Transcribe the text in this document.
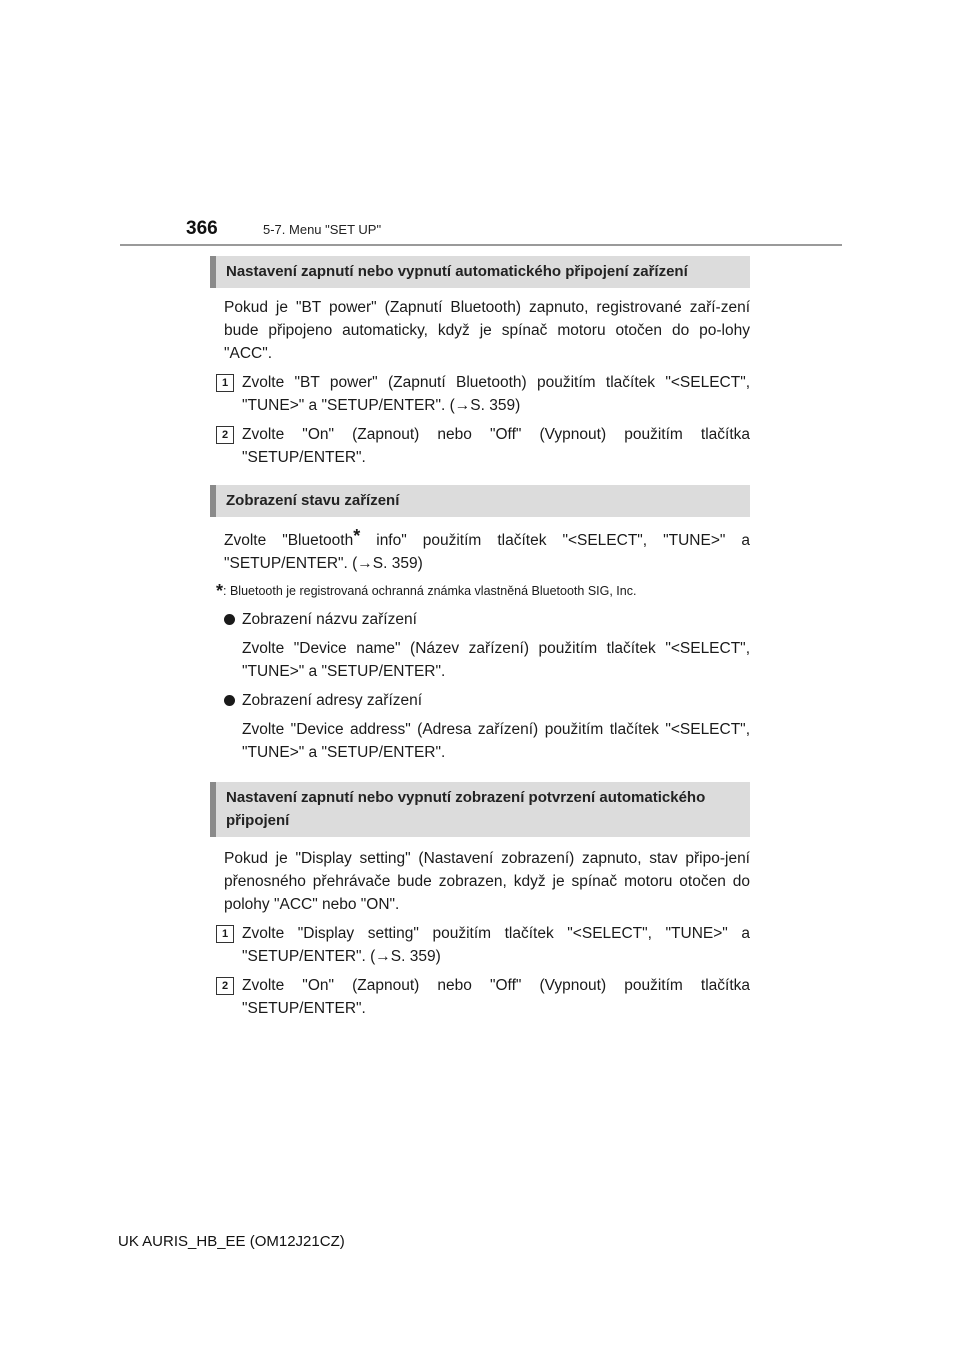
366	5-7. Menu "SET UP"
Nastavení zapnutí nebo vypnutí automatického připojení zařízení

Pokud je "BT power" (Zapnutí Bluetooth) zapnuto, registrované zaří-zení bude připojeno automaticky, když je spínač motoru otočen do po-lohy "ACC".

1 Zvolte "BT power" (Zapnutí Bluetooth) použitím tlačítek "<SELECT", "TUNE>" a "SETUP/ENTER". (→S. 359)
2 Zvolte "On" (Zapnout) nebo "Off" (Vypnout) použitím tlačítka "SETUP/ENTER".
Zobrazení stavu zařízení

Zvolte "Bluetooth* info" použitím tlačítek "<SELECT", "TUNE>" a "SETUP/ENTER". (→S. 359)

*: Bluetooth je registrovaná ochranná známka vlastněná Bluetooth SIG, Inc.
Zobrazení názvu zařízení
Zvolte "Device name" (Název zařízení) použitím tlačítek "<SELECT", "TUNE>" a "SETUP/ENTER".
Zobrazení adresy zařízení
Zvolte "Device address" (Adresa zařízení) použitím tlačítek "<SELECT", "TUNE>" a "SETUP/ENTER".
Nastavení zapnutí nebo vypnutí zobrazení potvrzení automatického připojení

Pokud je "Display setting" (Nastavení zobrazení) zapnuto, stav připo-jení přenosného přehrávače bude zobrazen, když je spínač motoru otočen do polohy "ACC" nebo "ON".

1 Zvolte "Display setting" použitím tlačítek "<SELECT", "TUNE>" a "SETUP/ENTER". (→S. 359)
2 Zvolte "On" (Zapnout) nebo "Off" (Vypnout) použitím tlačítka "SETUP/ENTER".
UK AURIS_HB_EE (OM12J21CZ)
